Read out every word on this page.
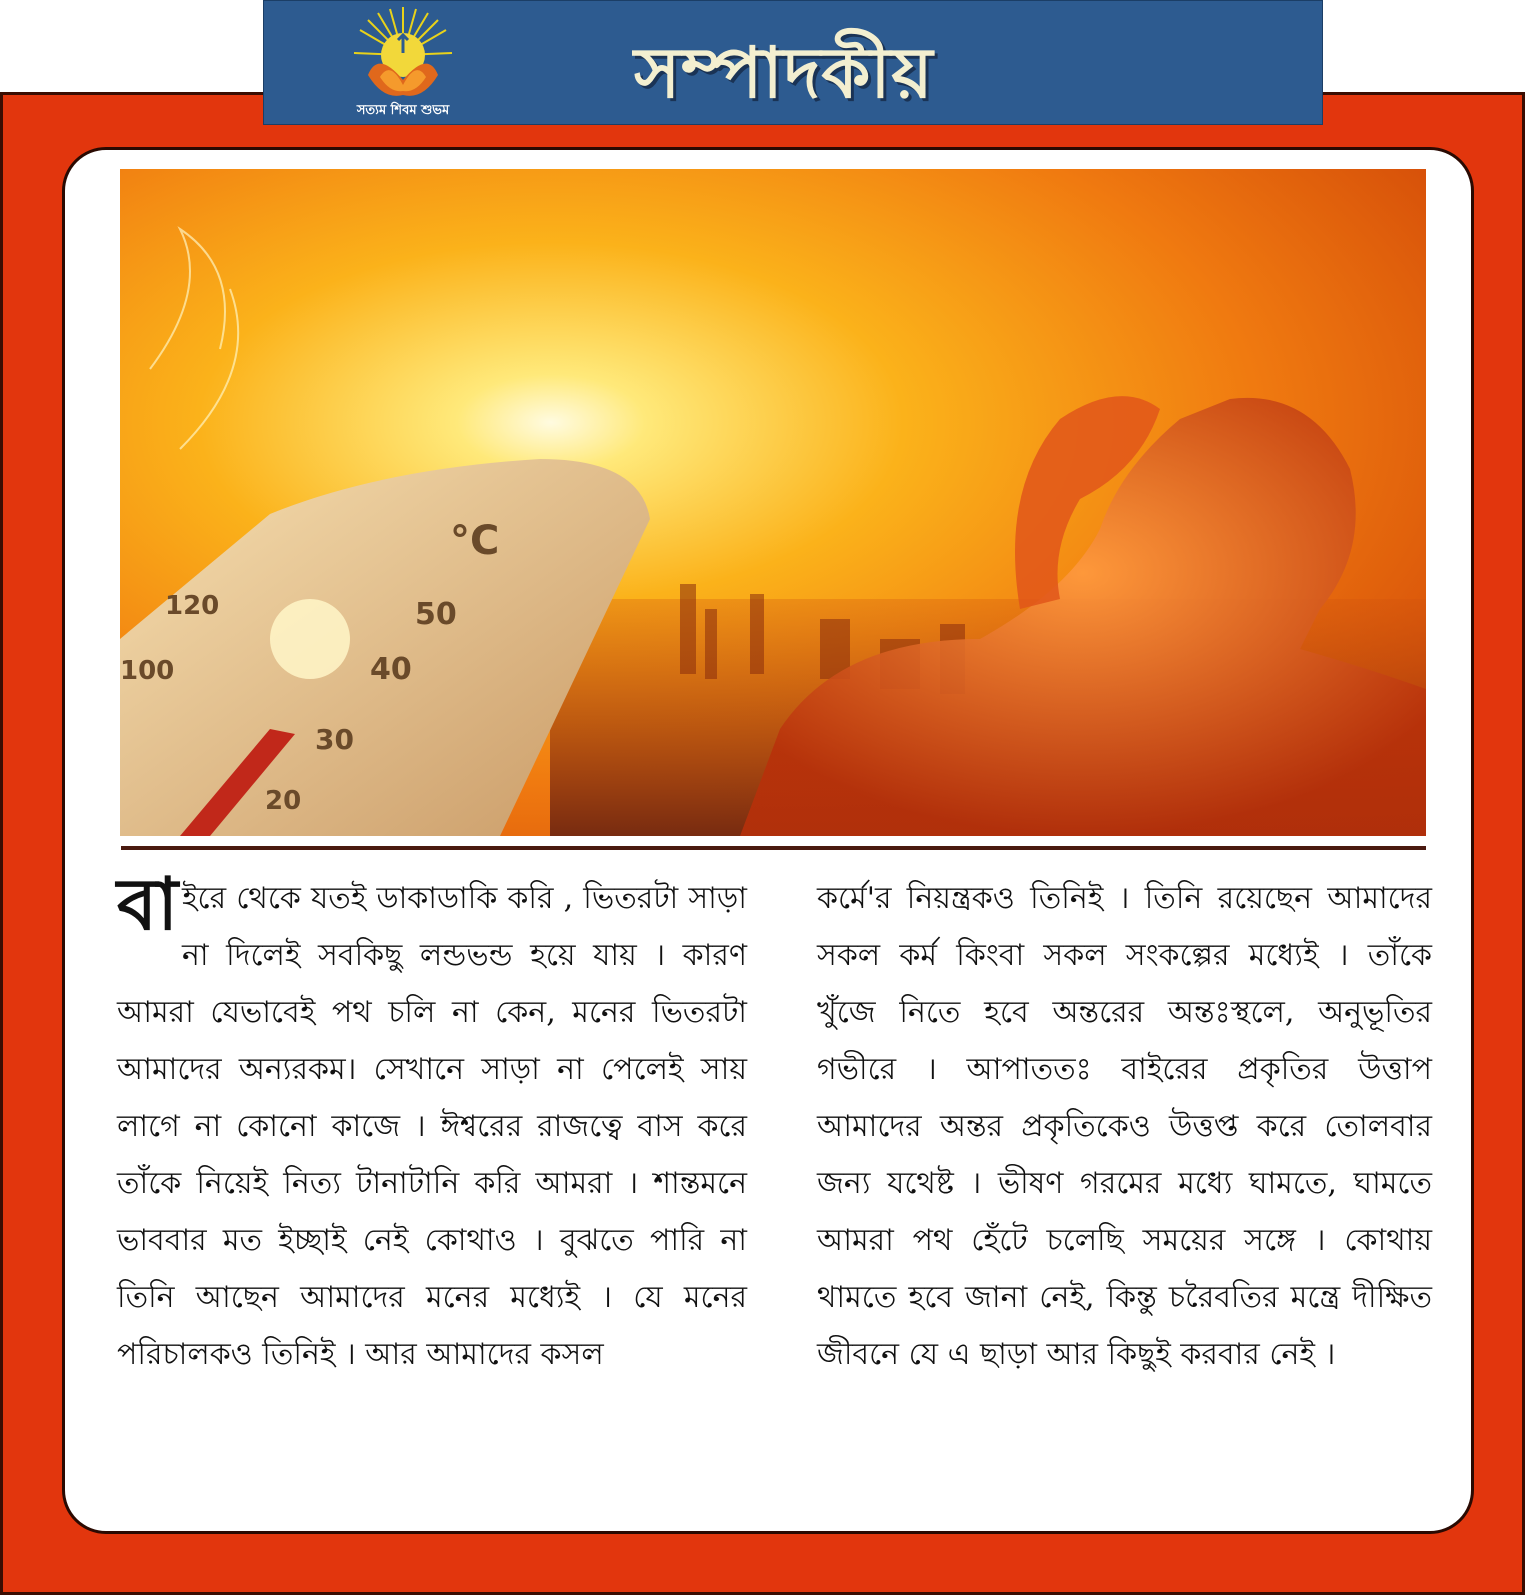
সত্যম শিবম শুভম	সম্পাদকীয়
°C
50
40
30
20
120
100
বাইরে থেকে যতই ডাকাডাকি করি , ভিতরটা সাড়া না দিলেই সবকিছু লন্ডভন্ড হয়ে যায় । কারণ আমরা যেভাবেই পথ চলি না কেন, মনের ভিতরটা আমাদের অন্যরকম। সেখানে সাড়া না পেলেই সায় লাগে না কোনো কাজে । ঈশ্বরের রাজত্বে বাস করে তাঁকে নিয়েই নিত্য টানাটানি করি আমরা । শান্তমনে ভাববার মত ইচ্ছাই নেই কোথাও । বুঝতে পারি না তিনি আছেন আমাদের মনের মধ্যেই । যে মনের পরিচালকও তিনিই । আর আমাদের কসল
কর্মে'র নিয়ন্ত্রকও তিনিই । তিনি রয়েছেন আমাদের সকল কর্ম কিংবা সকল সংকল্পের মধ্যেই । তাঁকে খুঁজে নিতে হবে অন্তরের অন্তঃস্থলে, অনুভূতির গভীরে । আপাততঃ বাইরের প্রকৃতির উত্তাপ আমাদের অন্তর প্রকৃতিকেও উত্তপ্ত করে তোলবার জন্য যথেষ্ট । ভীষণ গরমের মধ্যে ঘামতে, ঘামতে আমরা পথ হেঁটে চলেছি সময়ের সঙ্গে । কোথায় থামতে হবে জানা নেই, কিন্তু চরৈবতির মন্ত্রে দীক্ষিত জীবনে যে এ ছাড়া আর কিছুই করবার নেই ।
